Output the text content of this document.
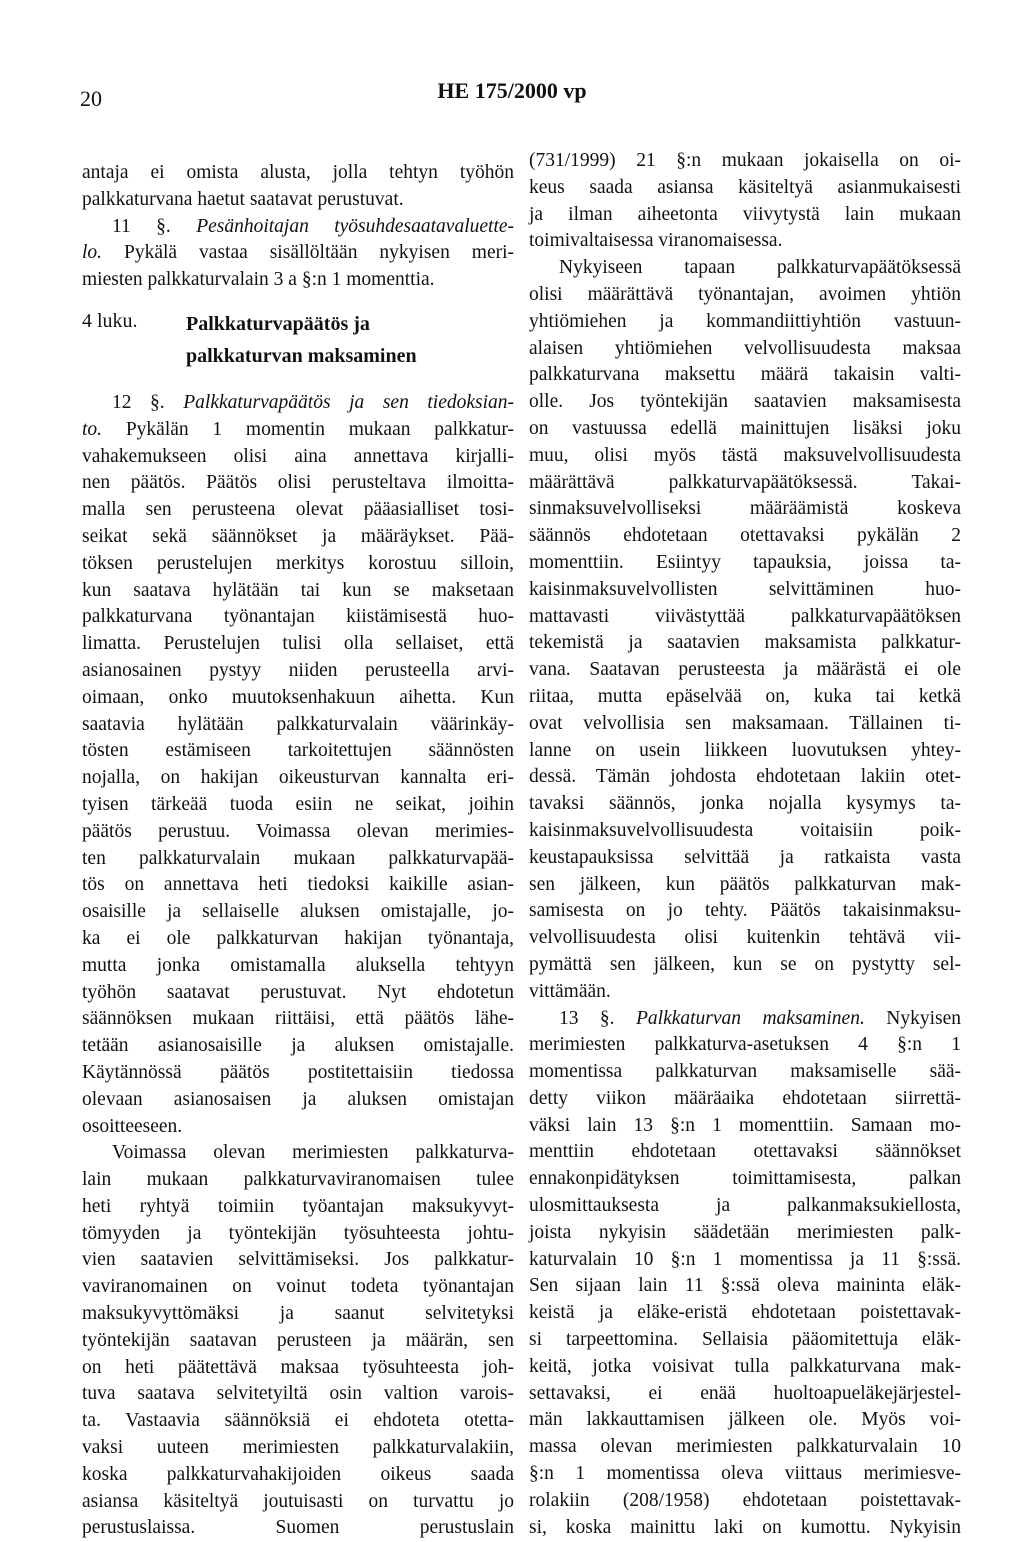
20	HE 175/2000 vp
antaja ei omista alusta, jolla tehtyn työhön
palkkaturvana haetut saatavat perustuvat.
11 §. Pesänhoitajan työsuhdesaatavaluette-
lo. Pykälä vastaa sisällöltään nykyisen meri-
miesten palkkaturvalain 3 a §:n 1 momenttia.
4 luku.	Palkkaturvapäätös ja
palkkaturvan maksaminen
12 §. Palkkaturvapäätös ja sen tiedoksian-
to. Pykälän 1 momentin mukaan palkkatur-
vahakemukseen olisi aina annettava kirjalli-
nen päätös. Päätös olisi perusteltava ilmoitta-
malla sen perusteena olevat pääasialliset tosi-
seikat sekä säännökset ja määräykset. Pää-
töksen perustelujen merkitys korostuu silloin,
kun saatava hylätään tai kun se maksetaan
palkkaturvana työnantajan kiistämisestä huo-
limatta. Perustelujen tulisi olla sellaiset, että
asianosainen pystyy niiden perusteella arvi-
oimaan, onko muutoksenhakuun aihetta. Kun
saatavia hylätään palkkaturvalain väärinkäy-
tösten estämiseen tarkoitettujen säännösten
nojalla, on hakijan oikeusturvan kannalta eri-
tyisen tärkeää tuoda esiin ne seikat, joihin
päätös perustuu. Voimassa olevan merimies-
ten palkkaturvalain mukaan palkkaturvapää-
tös on annettava heti tiedoksi kaikille asian-
osaisille ja sellaiselle aluksen omistajalle, jo-
ka ei ole palkkaturvan hakijan työnantaja,
mutta jonka omistamalla aluksella tehtyyn
työhön saatavat perustuvat. Nyt ehdotetun
säännöksen mukaan riittäisi, että päätös lähe-
tetään asianosaisille ja aluksen omistajalle.
Käytännössä päätös postitettaisiin tiedossa
olevaan asianosaisen ja aluksen omistajan
osoitteeseen.
Voimassa olevan merimiesten palkkaturva-
lain mukaan palkkaturvaviranomaisen tulee
heti ryhtyä toimiin työantajan maksukyvyt-
tömyyden ja työntekijän työsuhteesta johtu-
vien saatavien selvittämiseksi. Jos palkkatur-
vaviranomainen on voinut todeta työnantajan
maksukyvyttömäksi ja saanut selvitetyksi
työntekijän saatavan perusteen ja määrän, sen
on heti päätettävä maksaa työsuhteesta joh-
tuva saatava selvitetyiltä osin valtion varois-
ta. Vastaavia säännöksiä ei ehdoteta otetta-
vaksi uuteen merimiesten palkkaturvalakiin,
koska palkkaturvahakijoiden oikeus saada
asiansa käsiteltyä joutuisasti on turvattu jo
perustuslaissa. Suomen perustuslain
(731/1999) 21 §:n mukaan jokaisella on oi-
keus saada asiansa käsiteltyä asianmukaisesti
ja ilman aiheetonta viivytystä lain mukaan
toimivaltaisessa viranomaisessa.
Nykyiseen tapaan palkkaturvapäätöksessä
olisi määrättävä työnantajan, avoimen yhtiön
yhtiömiehen ja kommandiittiyhtiön vastuun-
alaisen yhtiömiehen velvollisuudesta maksaa
palkkaturvana maksettu määrä takaisin valti-
olle. Jos työntekijän saatavien maksamisesta
on vastuussa edellä mainittujen lisäksi joku
muu, olisi myös tästä maksuvelvollisuudesta
määrättävä palkkaturvapäätöksessä. Takai-
sinmaksuvelvolliseksi määräämistä koskeva
säännös ehdotetaan otettavaksi pykälän 2
momenttiin. Esiintyy tapauksia, joissa ta-
kaisinmaksuvelvollisten selvittäminen huo-
mattavasti viivästyttää palkkaturvapäätöksen
tekemistä ja saatavien maksamista palkkatur-
vana. Saatavan perusteesta ja määrästä ei ole
riitaa, mutta epäselvää on, kuka tai ketkä
ovat velvollisia sen maksamaan. Tällainen ti-
lanne on usein liikkeen luovutuksen yhtey-
dessä. Tämän johdosta ehdotetaan lakiin otet-
tavaksi säännös, jonka nojalla kysymys ta-
kaisinmaksuvelvollisuudesta voitaisiin poik-
keustapauksissa selvittää ja ratkaista vasta
sen jälkeen, kun päätös palkkaturvan mak-
samisesta on jo tehty. Päätös takaisinmaksu-
velvollisuudesta olisi kuitenkin tehtävä vii-
pymättä sen jälkeen, kun se on pystytty sel-
vittämään.
13 §. Palkkaturvan maksaminen. Nykyisen
merimiesten palkkaturva-asetuksen 4 §:n 1
momentissa palkkaturvan maksamiselle sää-
detty viikon määräaika ehdotetaan siirrettä-
väksi lain 13 §:n 1 momenttiin. Samaan mo-
menttiin ehdotetaan otettavaksi säännökset
ennakonpidätyksen toimittamisesta, palkan
ulosmittauksesta ja palkanmaksukiellosta,
joista nykyisin säädetään merimiesten palk-
katurvalain 10 §:n 1 momentissa ja 11 §:ssä.
Sen sijaan lain 11 §:ssä oleva maininta eläk-
keistä ja eläke-eristä ehdotetaan poistettavak-
si tarpeettomina. Sellaisia pääomitettuja eläk-
keitä, jotka voisivat tulla palkkaturvana mak-
settavaksi, ei enää huoltoapueläkejärjestel-
män lakkauttamisen jälkeen ole. Myös voi-
massa olevan merimiesten palkkaturvalain 10
§:n 1 momentissa oleva viittaus merimiesve-
rolakiin (208/1958) ehdotetaan poistettavak-
si, koska mainittu laki on kumottu. Nykyisin
